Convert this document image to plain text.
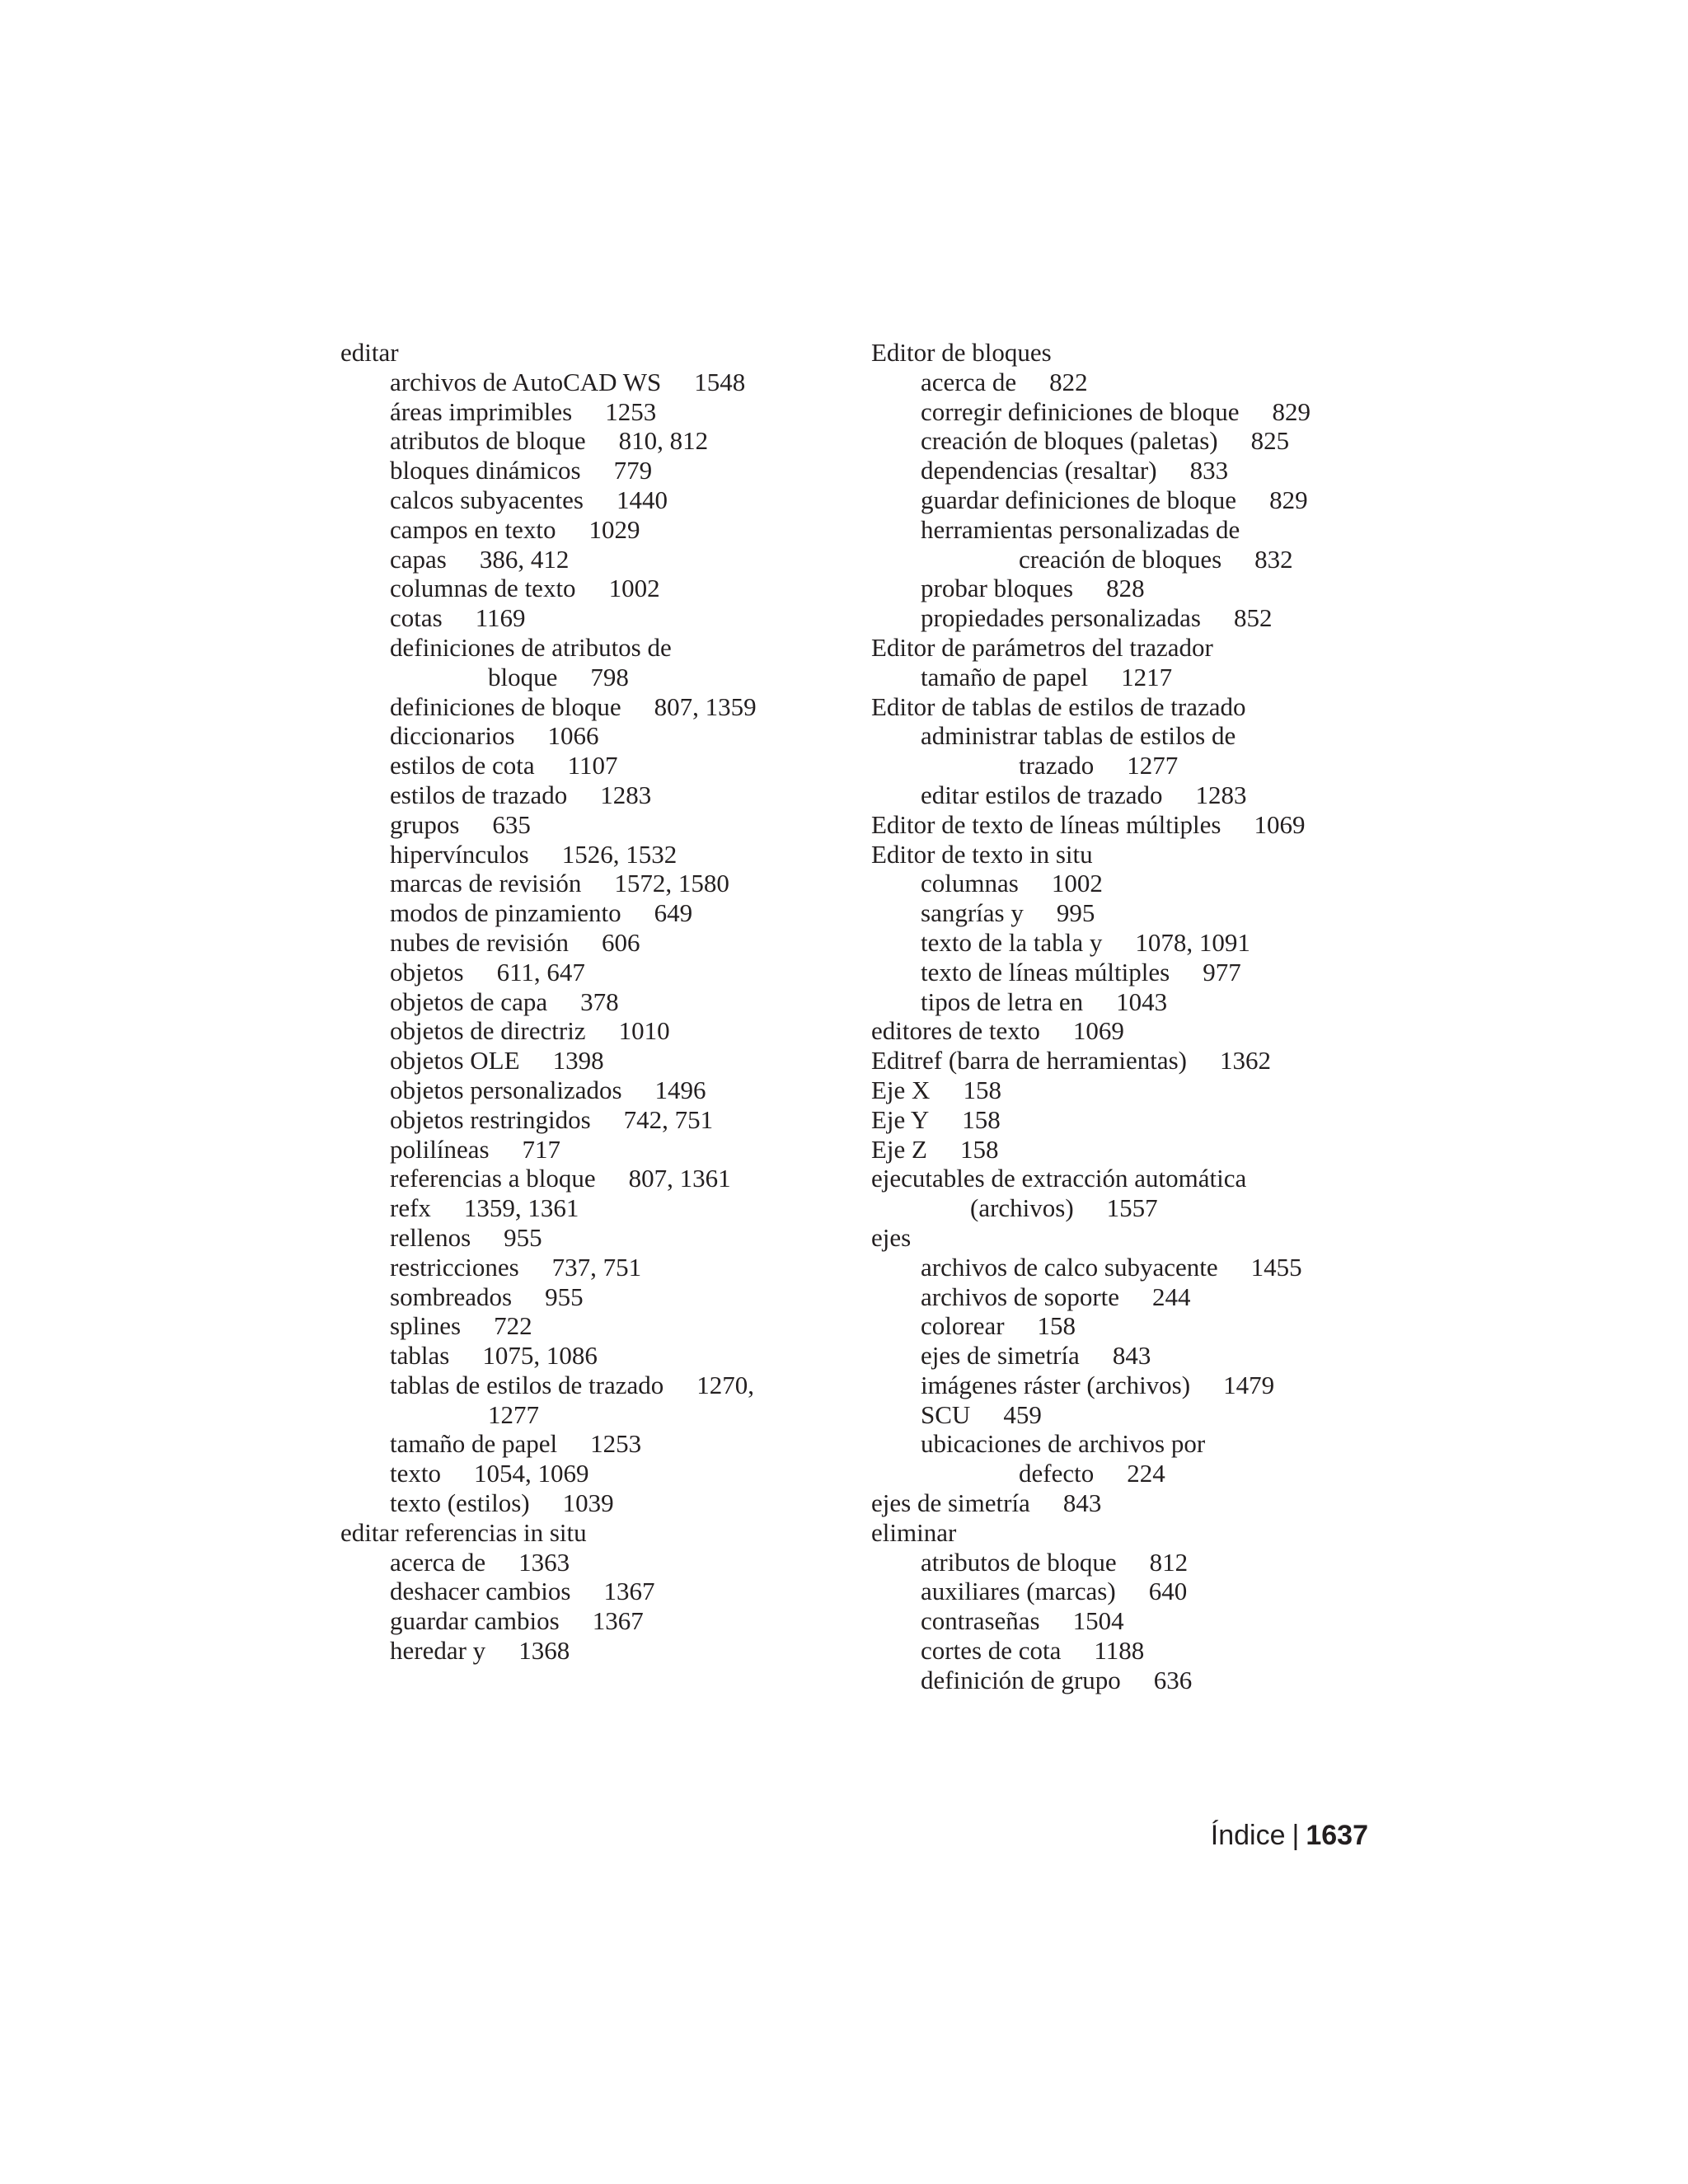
editar
archivos de AutoCAD WS 1548
áreas imprimibles 1253
atributos de bloque 810, 812
bloques dinámicos 779
calcos subyacentes 1440
campos en texto 1029
capas 386, 412
columnas de texto 1002
cotas 1169
definiciones de atributos de
bloque 798
definiciones de bloque 807, 1359
diccionarios 1066
estilos de cota 1107
estilos de trazado 1283
grupos 635
hipervínculos 1526, 1532
marcas de revisión 1572, 1580
modos de pinzamiento 649
nubes de revisión 606
objetos 611, 647
objetos de capa 378
objetos de directriz 1010
objetos OLE 1398
objetos personalizados 1496
objetos restringidos 742, 751
polilíneas 717
referencias a bloque 807, 1361
refx 1359, 1361
rellenos 955
restricciones 737, 751
sombreados 955
splines 722
tablas 1075, 1086
tablas de estilos de trazado 1270,
1277
tamaño de papel 1253
texto 1054, 1069
texto (estilos) 1039
editar referencias in situ
acerca de 1363
deshacer cambios 1367
guardar cambios 1367
heredar y 1368
Editor de bloques
acerca de 822
corregir definiciones de bloque 829
creación de bloques (paletas) 825
dependencias (resaltar) 833
guardar definiciones de bloque 829
herramientas personalizadas de
creación de bloques 832
probar bloques 828
propiedades personalizadas 852
Editor de parámetros del trazador
tamaño de papel 1217
Editor de tablas de estilos de trazado
administrar tablas de estilos de
trazado 1277
editar estilos de trazado 1283
Editor de texto de líneas múltiples 1069
Editor de texto in situ
columnas 1002
sangrías y 995
texto de la tabla y 1078, 1091
texto de líneas múltiples 977
tipos de letra en 1043
editores de texto 1069
Editref (barra de herramientas) 1362
Eje X 158
Eje Y 158
Eje Z 158
ejecutables de extracción automática
(archivos) 1557
ejes
archivos de calco subyacente 1455
archivos de soporte 244
colorear 158
ejes de simetría 843
imágenes ráster (archivos) 1479
SCU 459
ubicaciones de archivos por
defecto 224
ejes de simetría 843
eliminar
atributos de bloque 812
auxiliares (marcas) 640
contraseñas 1504
cortes de cota 1188
definición de grupo 636
Índice | 1637
